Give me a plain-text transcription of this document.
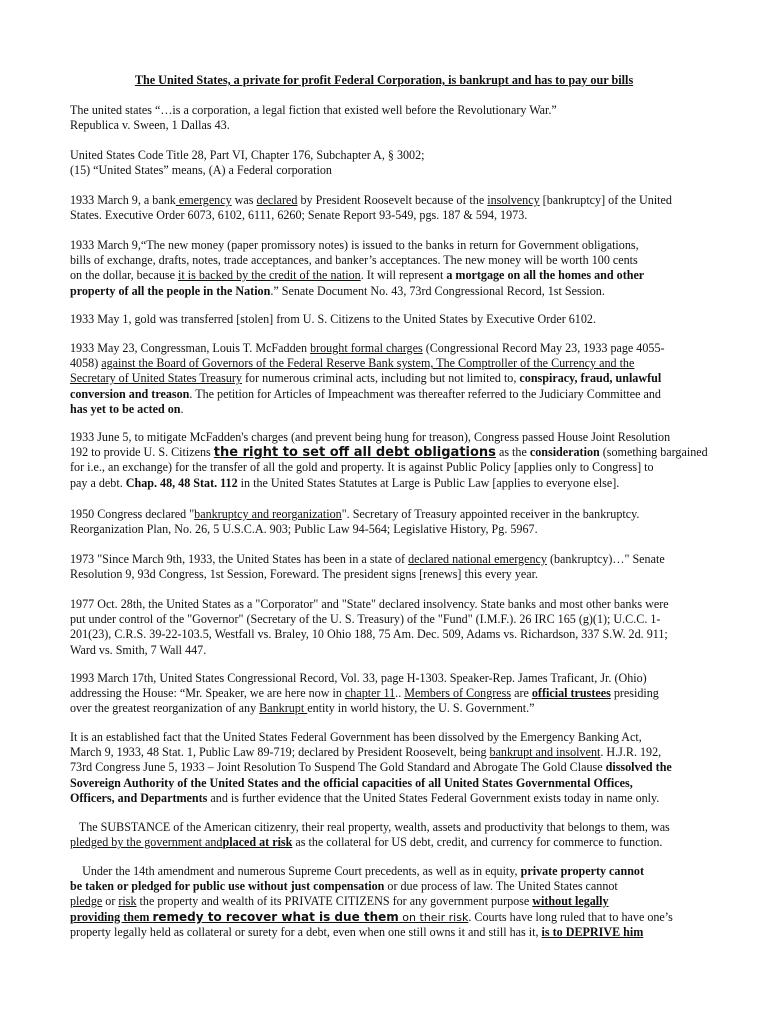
The United States, a private for profit Federal Corporation, is bankrupt and has to pay our bills
The united states “…is a corporation, a legal fiction that existed well before the Revolutionary War.”
Republica v. Sween, 1 Dallas 43.
United States Code Title 28, Part VI, Chapter 176, Subchapter A, § 3002;
(15) “United States” means, (A) a Federal corporation
1933 March 9, a bank emergency was declared by President Roosevelt because of the insolvency [bankruptcy] of the United
States. Executive Order 6073, 6102, 6111, 6260; Senate Report 93-549, pgs. 187 & 594, 1973.
1933 March 9,“The new money (paper promissory notes) is issued to the banks in return for Government obligations,
bills of exchange, drafts, notes, trade acceptances, and banker’s acceptances. The new money will be worth 100 cents
on the dollar, because it is backed by the credit of the nation. It will represent a mortgage on all the homes and other
property of all the people in the Nation.” Senate Document No. 43, 73rd Congressional Record, 1st Session.
1933 May 1, gold was transferred [stolen] from U. S. Citizens to the United States by Executive Order 6102.
1933 May 23, Congressman, Louis T. McFadden brought formal charges (Congressional Record May 23, 1933 page 4055-
4058) against the Board of Governors of the Federal Reserve Bank system, The Comptroller of the Currency and the
Secretary of United States Treasury for numerous criminal acts, including but not limited to, conspiracy, fraud, unlawful
conversion and treason. The petition for Articles of Impeachment was thereafter referred to the Judiciary Committee and
has yet to be acted on.
1933 June 5, to mitigate McFadden's charges (and prevent being hung for treason), Congress passed House Joint Resolution
192 to provide U. S. Citizens the right to set off all debt obligations as the consideration (something bargained
for i.e., an exchange) for the transfer of all the gold and property. It is against Public Policy [applies only to Congress] to
pay a debt. Chap. 48, 48 Stat. 112 in the United States Statutes at Large is Public Law [applies to everyone else].
1950 Congress declared "bankruptcy and reorganization". Secretary of Treasury appointed receiver in the bankruptcy.
Reorganization Plan, No. 26, 5 U.S.C.A. 903; Public Law 94-564; Legislative History, Pg. 5967.
1973 "Since March 9th, 1933, the United States has been in a state of declared national emergency (bankruptcy)…" Senate
Resolution 9, 93d Congress, 1st Session, Foreward. The president signs [renews] this every year.
1977 Oct. 28th, the United States as a "Corporator" and "State" declared insolvency. State banks and most other banks were
put under control of the "Governor" (Secretary of the U. S. Treasury) of the "Fund" (I.M.F.). 26 IRC 165 (g)(1); U.C.C. 1-
201(23), C.R.S. 39-22-103.5, Westfall vs. Braley, 10 Ohio 188, 75 Am. Dec. 509, Adams vs. Richardson, 337 S.W. 2d. 911;
Ward vs. Smith, 7 Wall 447.
1993 March 17th, United States Congressional Record, Vol. 33, page H-1303. Speaker-Rep. James Traficant, Jr. (Ohio)
addressing the House: “Mr. Speaker, we are here now in chapter 11.. Members of Congress are official trustees presiding
over the greatest reorganization of any Bankrupt entity in world history, the U. S. Government.”
It is an established fact that the United States Federal Government has been dissolved by the Emergency Banking Act,
March 9, 1933, 48 Stat. 1, Public Law 89-719; declared by President Roosevelt, being bankrupt and insolvent. H.J.R. 192,
73rd Congress June 5, 1933 – Joint Resolution To Suspend The Gold Standard and Abrogate The Gold Clause dissolved the
Sovereign Authority of the United States and the official capacities of all United States Governmental Offices,
Officers, and Departments and is further evidence that the United States Federal Government exists today in name only.
The SUBSTANCE of the American citizenry, their real property, wealth, assets and productivity that belongs to them, was
pledged by the government andplaced at risk as the collateral for US debt, credit, and currency for commerce to function.
Under the 14th amendment and numerous Supreme Court precedents, as well as in equity, private property cannot
be taken or pledged for public use without just compensation or due process of law. The United States cannot
pledge or risk the property and wealth of its PRIVATE CITIZENS for any government purpose without legally
providing them remedy to recover what is due them on their risk. Courts have long ruled that to have one’s
property legally held as collateral or surety for a debt, even when one still owns it and still has it, is to DEPRIVE him
